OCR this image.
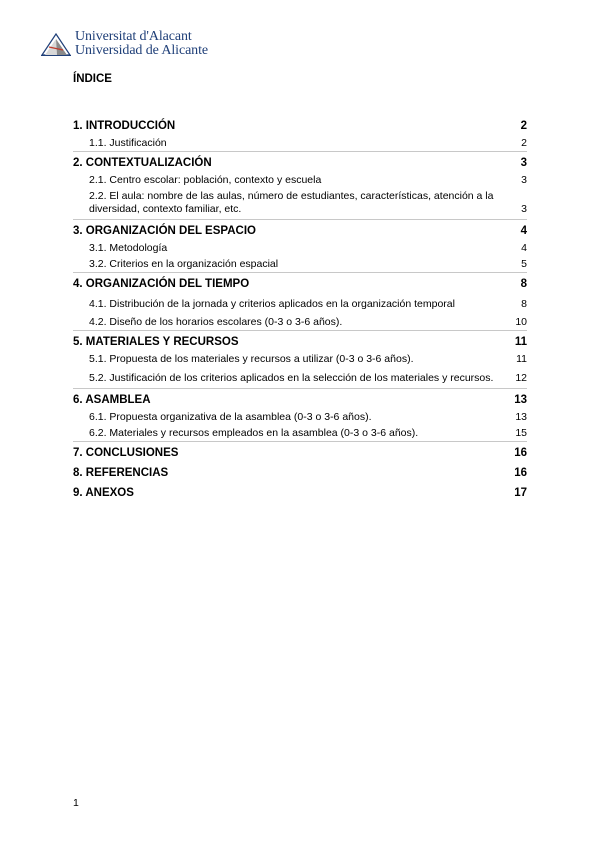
Universitat d'Alacant
Universidad de Alicante
ÍNDICE
1. INTRODUCCIÓN	2
1.1. Justificación	2
2. CONTEXTUALIZACIÓN	3
2.1. Centro escolar: población, contexto y escuela	3
2.2. El aula: nombre de las aulas, número de estudiantes, características, atención a la diversidad, contexto familiar, etc.	3
3. ORGANIZACIÓN DEL ESPACIO	4
3.1. Metodología	4
3.2. Criterios en la organización espacial	5
4. ORGANIZACIÓN DEL TIEMPO	8
4.1. Distribución de la jornada y criterios aplicados en la organización temporal	8
4.2. Diseño de los horarios escolares (0-3 o 3-6 años).	10
5. MATERIALES Y RECURSOS	11
5.1. Propuesta de los materiales y recursos a utilizar (0-3 o 3-6 años).	11
5.2. Justificación de los criterios aplicados en la selección de los materiales y recursos.	12
6. ASAMBLEA	13
6.1. Propuesta organizativa de la asamblea (0-3 o 3-6 años).	13
6.2. Materiales y recursos empleados en la asamblea (0-3 o 3-6 años).	15
7. CONCLUSIONES	16
8. REFERENCIAS	16
9. ANEXOS	17
1
